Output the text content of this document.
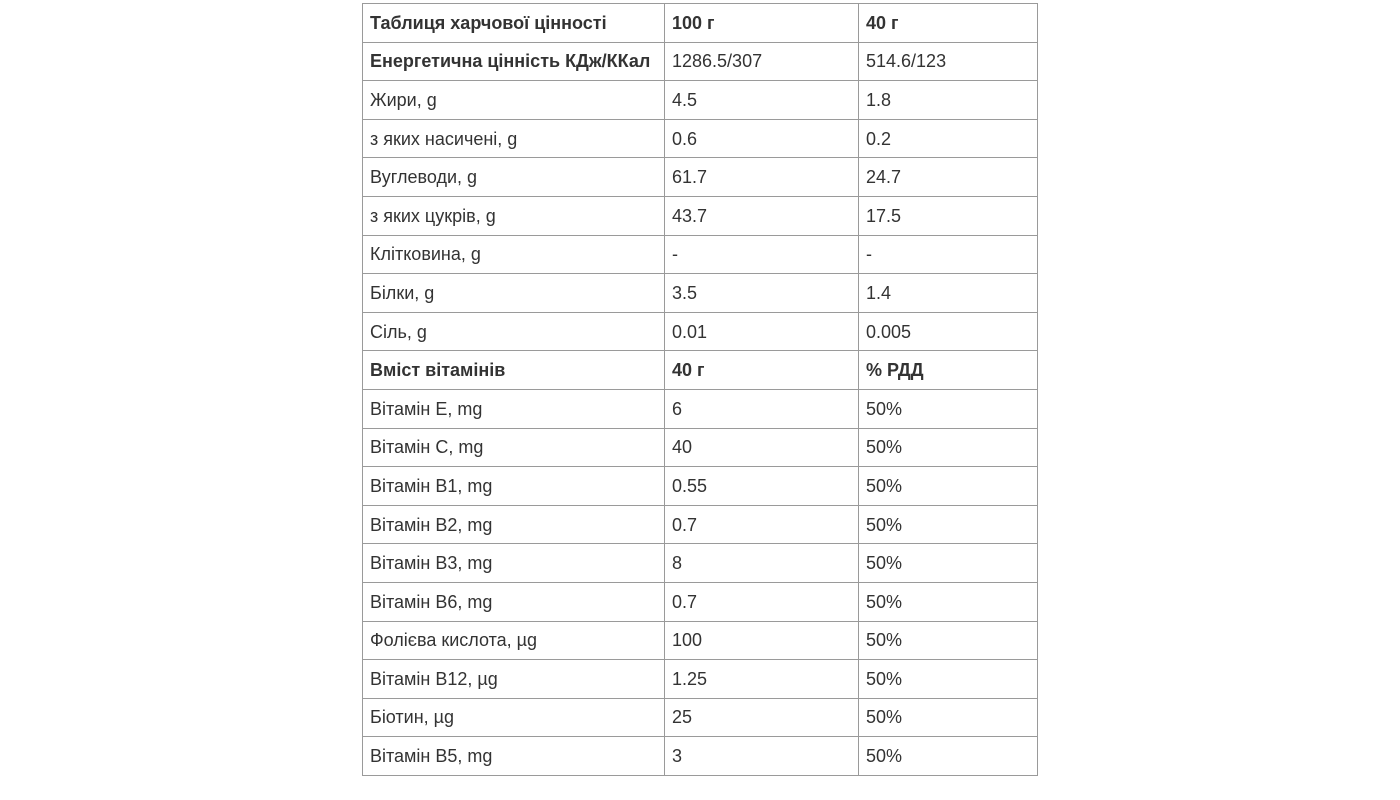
Таблиця харчової цінності	100 г	40 г
Енергетична цінність КДж/ККал	1286.5/307	514.6/123
Жири, g	4.5	1.8
з яких насичені, g	0.6	0.2
Вуглеводи, g	61.7	24.7
з яких цукрів, g	43.7	17.5
Клітковина, g	-	-
Білки, g	3.5	1.4
Сіль, g	0.01	0.005
Вміст вітамінів	40 г	% РДД
Вітамін Е, mg	6	50%
Вітамін С, mg	40	50%
Вітамін В1, mg	0.55	50%
Вітамін В2, mg	0.7	50%
Вітамін В3, mg	8	50%
Вітамін В6, mg	0.7	50%
Фолієва кислота, µg	100	50%
Вітамін В12, µg	1.25	50%
Біотин, µg	25	50%
Вітамін В5, mg	3	50%
